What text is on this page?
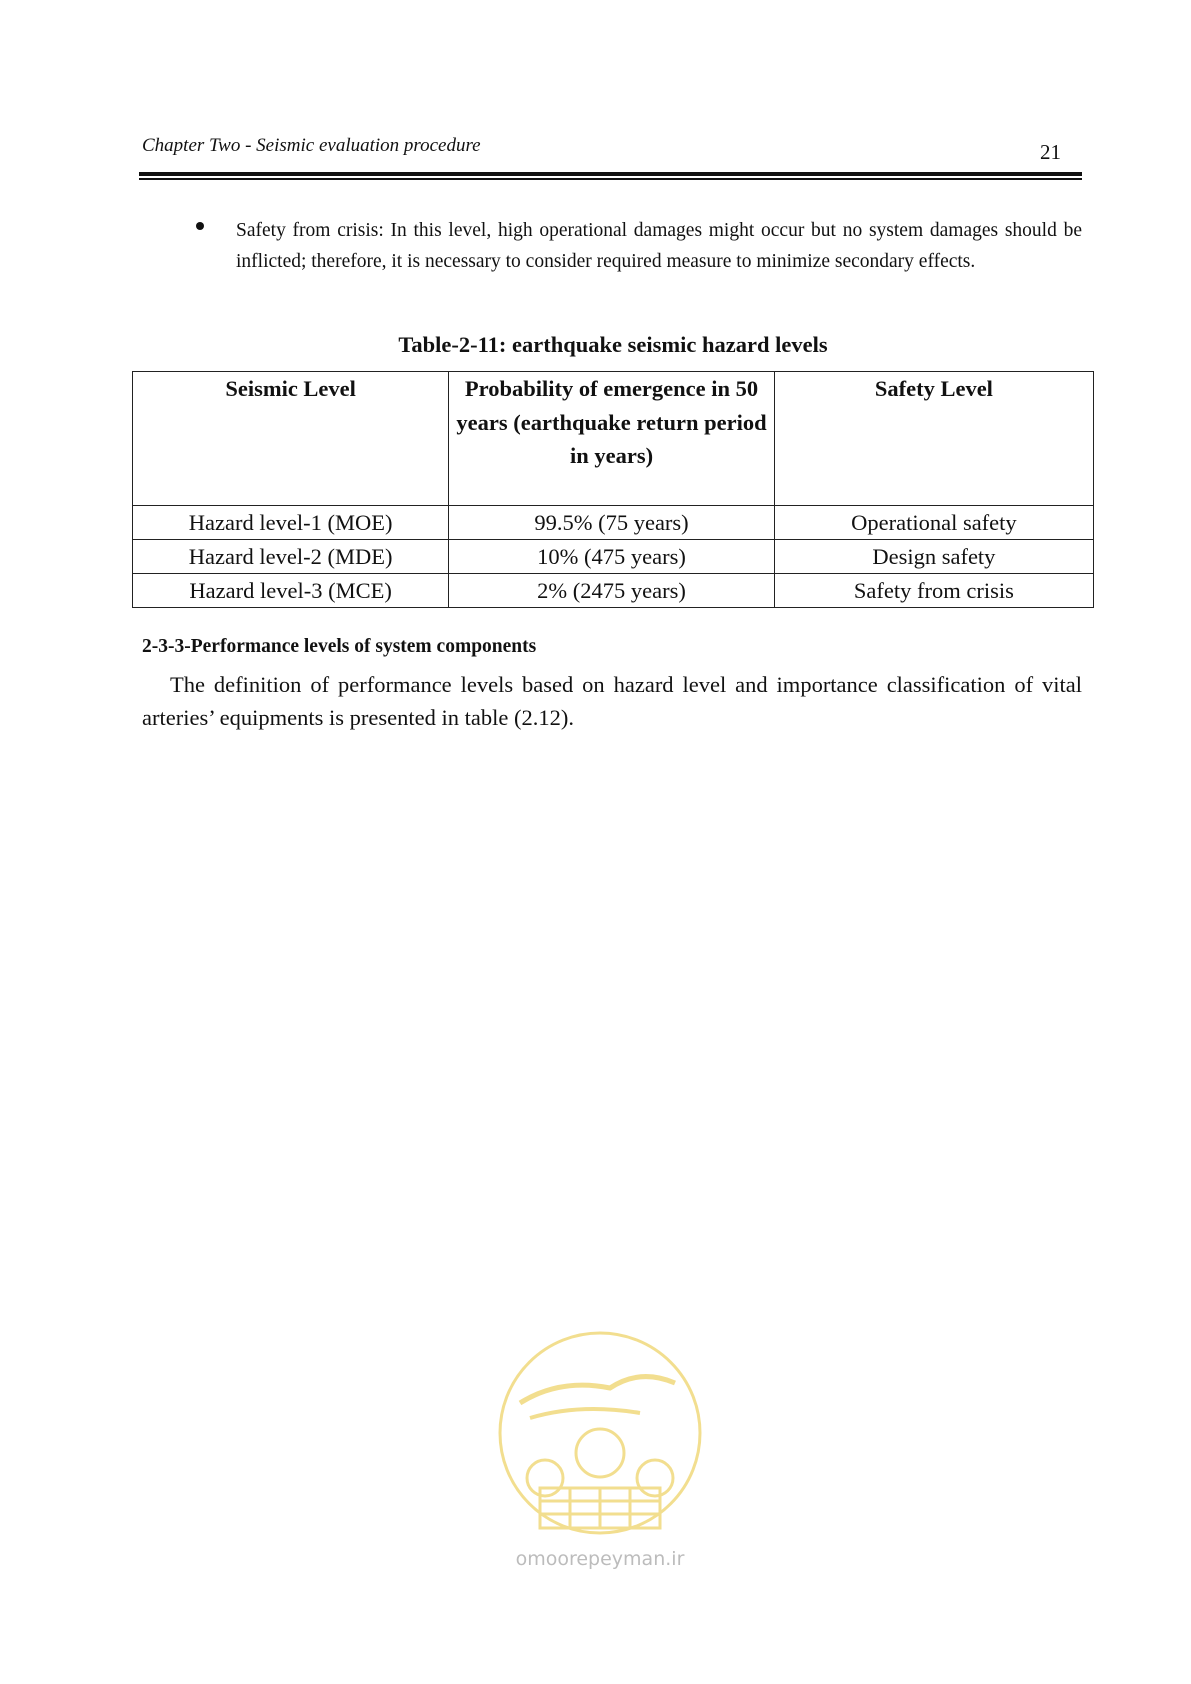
Chapter Two - Seismic evaluation procedure	21
Safety from crisis: In this level, high operational damages might occur but no system damages should be inflicted; therefore, it is necessary to consider required measure to minimize secondary effects.
Table-2-11: earthquake seismic hazard levels
Seismic Level	Probability of emergence in 50 years (earthquake return period in years)	Safety Level
Hazard level-1 (MOE)	99.5% (75 years)	Operational safety
Hazard level-2 (MDE)	10% (475 years)	Design safety
Hazard level-3 (MCE)	2% (2475 years)	Safety from crisis
2-3-3-Performance levels of system components
The definition of performance levels based on hazard level and importance classification of vital arteries’ equipments is presented in table (2.12).
omoorepeyman.ir
